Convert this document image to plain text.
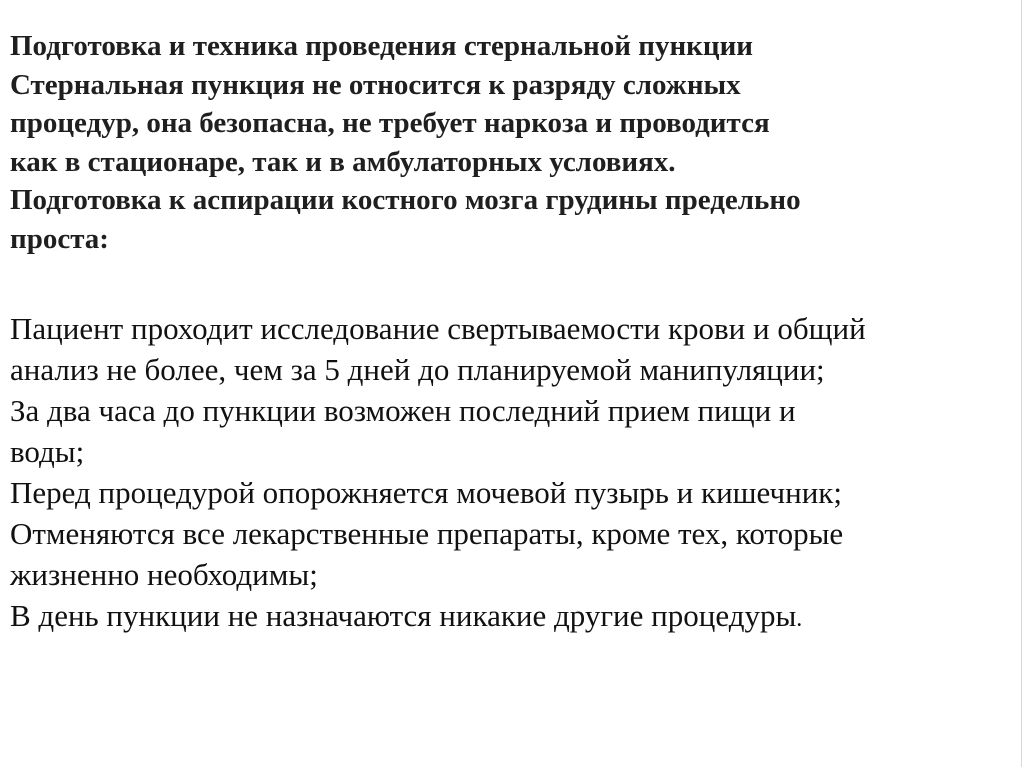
Подготовка и техника проведения стернальной пункции
Стернальная пункция не относится к разряду сложных
процедур, она безопасна, не требует наркоза и проводится
как в стационаре, так и в амбулаторных условиях.
Подготовка к аспирации костного мозга грудины предельно
проста:
Пациент проходит исследование свертываемости крови и общий
анализ не более, чем за 5 дней до планируемой манипуляции;
За два часа до пункции возможен последний прием пищи и
воды;
Перед процедурой опорожняется мочевой пузырь и кишечник;
Отменяются все лекарственные препараты, кроме тех, которые
жизненно необходимы;
В день пункции не назначаются никакие другие процедуры.
